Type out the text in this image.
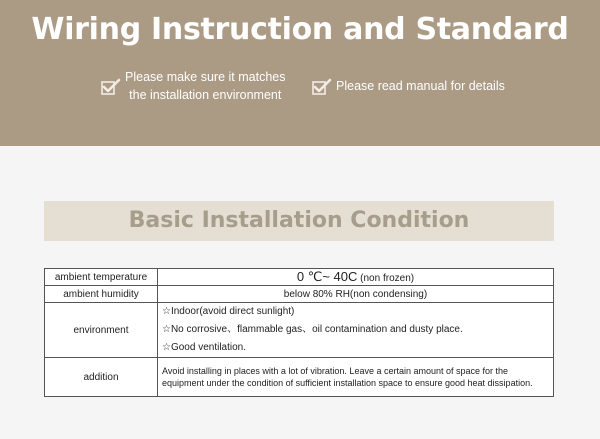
Wiring Instruction and Standard
Please make sure it matches
the installation environment
Please read manual for details
Basic Installation Condition
ambient temperature	0 ℃~ 40C (non frozen)
ambient humidity	below 80% RH(non condensing)
environment	☆Indoor(avoid direct sunlight)
☆No corrosive、flammable gas、oil contamination and dusty place.
☆Good ventilation.

addition	Avoid installing in places with a lot of vibration. Leave a certain amount of space for the equipment under the condition of sufficient installation space to ensure good heat dissipation.
